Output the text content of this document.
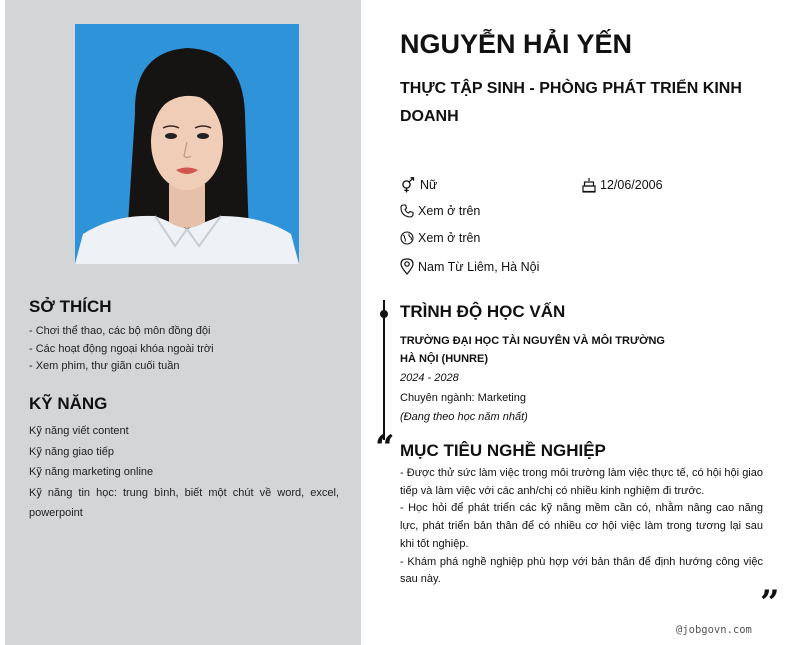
SỞ THÍCH
- Chơi thể thao, các bộ môn đồng đội
- Các hoạt động ngoại khóa ngoài trời
- Xem phim, thư giãn cuối tuần
KỸ NĂNG
Kỹ năng viết content
Kỹ năng giao tiếp
Kỹ năng marketing online
Kỹ năng tin học: trung bình, biết một chút về word, excel, powerpoint
NGUYỄN HẢI YẾN
THỰC TẬP SINH - PHÒNG PHÁT TRIỂN KINH DOANH
Nữ	12/06/2006
Xem ở trên
Xem ở trên
Nam Từ Liêm, Hà Nội
TRÌNH ĐỘ HỌC VẤN
TRƯỜNG ĐẠI HỌC TÀI NGUYÊN VÀ MÔI TRƯỜNG
HÀ NỘI (HUNRE)
2024 - 2028
Chuyên ngành: Marketing
(Đang theo học năm nhất)
“ MỤC TIÊU NGHỀ NGHIỆP
- Được thử sức làm việc trong môi trường làm việc thực tế, có hội hội giao tiếp và làm việc với các anh/chị có nhiều kinh nghiệm đi trước.
- Học hỏi để phát triển các kỹ năng mềm cần có, nhằm nâng cao năng lực, phát triển bản thân để có nhiều cơ hội việc làm trong tương lại sau khi tốt nghiệp.
- Khám phá nghề nghiệp phù hợp với bản thân để định hướng công việc sau này.
”
@jobgovn.com
